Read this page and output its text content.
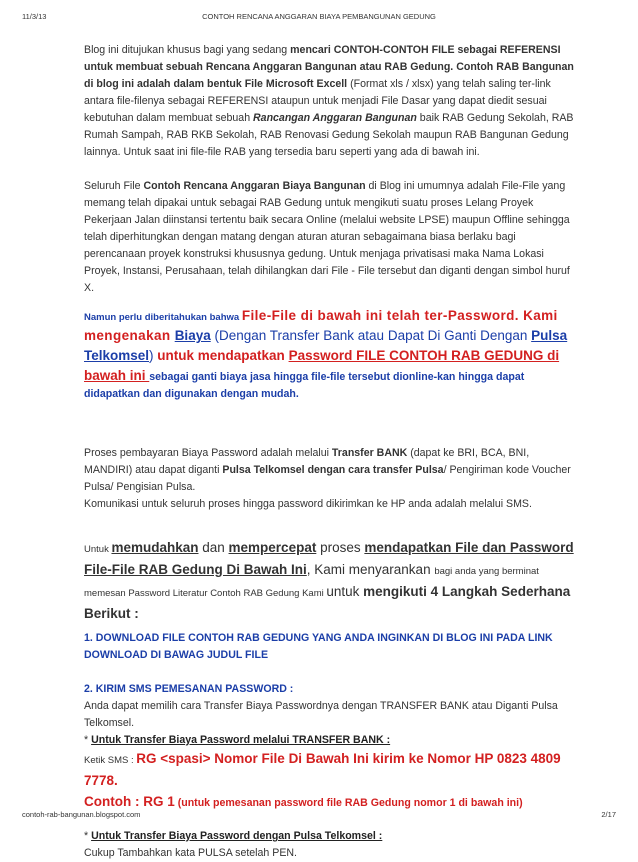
11/3/13	CONTOH RENCANA ANGGARAN BIAYA PEMBANGUNAN GEDUNG

Blog ini ditujukan khusus bagi yang sedang mencari CONTOH-CONTOH FILE sebagai REFERENSI untuk membuat sebuah Rencana Anggaran Bangunan atau RAB Gedung. Contoh RAB Bangunan di blog ini adalah dalam bentuk File Microsoft Excell (Format xls / xlsx) yang telah saling ter-link antara file-filenya sebagai REFERENSI ataupun untuk menjadi File Dasar yang dapat diedit sesuai kebutuhan dalam membuat sebuah Rancangan Anggaran Bangunan baik RAB Gedung Sekolah, RAB Rumah Sampah, RAB RKB Sekolah, RAB Renovasi Gedung Sekolah maupun RAB Bangunan Gedung lainnya. Untuk saat ini file-file RAB yang tersedia baru seperti yang ada di bawah ini.

Seluruh File Contoh Rencana Anggaran Biaya Bangunan di Blog ini umumnya adalah File-File yang memang telah dipakai untuk sebagai RAB Gedung untuk mengikuti suatu proses Lelang Proyek Pekerjaan Jalan diinstansi tertentu baik secara Online (melalui website LPSE) maupun Offline sehingga telah diperhitungkan dengan matang dengan aturan aturan sebagaimana biasa berlaku bagi perencanaan proyek konstruksi khususnya gedung. Untuk menjaga privatisasi maka Nama Lokasi Proyek, Instansi, Perusahaan, telah dihilangkan dari File - File tersebut dan diganti dengan simbol huruf X.

Namun perlu diberitahukan bahwa File-File di bawah ini telah ter-Password. Kami mengenakan Biaya (Dengan Transfer Bank atau Dapat Di Ganti Dengan Pulsa Telkomsel) untuk mendapatkan Password FILE CONTOH RAB GEDUNG di bawah ini sebagai ganti biaya jasa hingga file-file tersebut dionline-kan hingga dapat didapatkan dan digunakan dengan mudah.

Proses pembayaran Biaya Password adalah melalui Transfer BANK (dapat ke BRI, BCA, BNI, MANDIRI) atau dapat diganti Pulsa Telkomsel dengan cara transfer Pulsa/ Pengiriman kode Voucher Pulsa/ Pengisian Pulsa.
Komunikasi untuk seluruh proses hingga password dikirimkan ke HP anda adalah melalui SMS.

Untuk memudahkan dan mempercepat proses mendapatkan File dan Password File-File RAB Gedung Di Bawah Ini, Kami menyarankan bagi anda yang berminat memesan Password Literatur Contoh RAB Gedung Kami untuk mengikuti 4 Langkah Sederhana Berikut :

1. DOWNLOAD FILE CONTOH RAB GEDUNG YANG ANDA INGINKAN DI BLOG INI PADA LINK DOWNLOAD DI BAWAG JUDUL FILE

2. KIRIM SMS PEMESANAN PASSWORD :

Anda dapat memilih cara Transfer Biaya Passwordnya dengan TRANSFER BANK atau Diganti Pulsa Telkomsel.

* Untuk Transfer Biaya Password melalui TRANSFER BANK :

Ketik SMS : RG <spasi> Nomor File Di Bawah Ini kirim ke Nomor HP 0823 4809 7778.

Contoh : RG 1 (untuk pemesanan password file RAB Gedung nomor 1 di bawah ini)

* Untuk Transfer Biaya Password dengan Pulsa Telkomsel :

Cukup Tambahkan kata PULSA setelah PEN.

contoh-rab-bangunan.blogspot.com	2/17
